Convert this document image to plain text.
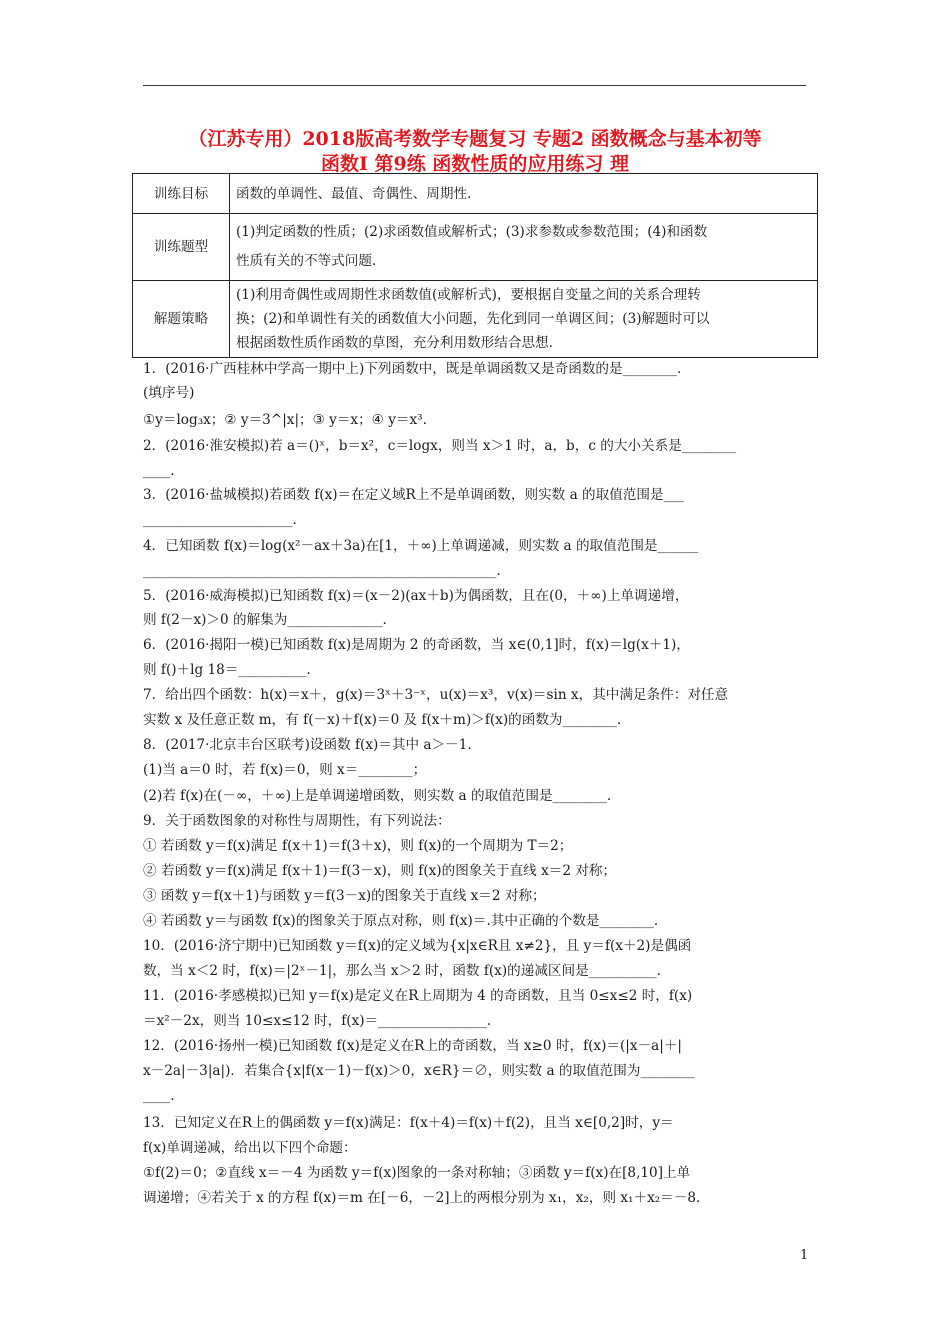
（江苏专用）2018版高考数学专题复习 专题2 函数概念与基本初等
函数Ⅰ 第9练 函数性质的应用练习 理
训练目标	函数的单调性、最值、奇偶性、周期性.

训练题型	(1)判定函数的性质；(2)求函数值或解析式；(3)求参数或参数范围；(4)和函数
性质有关的不等式问题.

解题策略	(1)利用奇偶性或周期性求函数值(或解析式)，要根据自变量之间的关系合理转
换；(2)和单调性有关的函数值大小问题，先化到同一单调区间；(3)解题时可以
根据函数性质作函数的草图，充分利用数形结合思想.
1．(2016·广西桂林中学高一期中上)下列函数中，既是单调函数又是奇函数的是________.
(填序号)
①y＝log₃x；② y＝3^|x|；③ y＝x；④ y＝x³.
2．(2016·淮安模拟)若 a＝()ˣ，b＝x²，c＝logx，则当 x＞1 时，a，b，c 的大小关系是________
____.
3．(2016·盐城模拟)若函数 f(x)＝在定义域R上不是单调函数，则实数 a 的取值范围是___
______________________.
4．已知函数 f(x)＝log(x²－ax＋3a)在[1，＋∞)上单调递减，则实数 a 的取值范围是______
____________________________________________________.
5．(2016·威海模拟)已知函数 f(x)＝(x－2)(ax＋b)为偶函数，且在(0，＋∞)上单调递增，
则 f(2－x)＞0 的解集为______________.
6．(2016·揭阳一模)已知函数 f(x)是周期为 2 的奇函数，当 x∈(0,1]时，f(x)＝lg(x＋1)，
则 f()＋lg 18＝__________.
7．给出四个函数：h(x)＝x＋，g(x)＝3ˣ＋3⁻ˣ，u(x)＝x³，v(x)＝sin x，其中满足条件：对任意
实数 x 及任意正数 m，有 f(－x)＋f(x)＝0 及 f(x＋m)＞f(x)的函数为________.
8．(2017·北京丰台区联考)设函数 f(x)＝其中 a＞－1.
(1)当 a＝0 时，若 f(x)＝0，则 x＝________；
(2)若 f(x)在(－∞，＋∞)上是单调递增函数，则实数 a 的取值范围是________.
9．关于函数图象的对称性与周期性，有下列说法：
① 若函数 y＝f(x)满足 f(x＋1)＝f(3＋x)，则 f(x)的一个周期为 T＝2；
② 若函数 y＝f(x)满足 f(x＋1)＝f(3－x)，则 f(x)的图象关于直线 x＝2 对称；
③ 函数 y＝f(x＋1)与函数 y＝f(3－x)的图象关于直线 x＝2 对称；
④ 若函数 y＝与函数 f(x)的图象关于原点对称，则 f(x)＝.其中正确的个数是________.
10．(2016·济宁期中)已知函数 y＝f(x)的定义域为{x|x∈R且 x≠2}，且 y＝f(x＋2)是偶函
数，当 x＜2 时，f(x)＝|2ˣ－1|，那么当 x＞2 时，函数 f(x)的递减区间是__________.
11．(2016·孝感模拟)已知 y＝f(x)是定义在R上周期为 4 的奇函数，且当 0≤x≤2 时，f(x)
＝x²－2x，则当 10≤x≤12 时，f(x)＝________________.
12．(2016·扬州一模)已知函数 f(x)是定义在R上的奇函数，当 x≥0 时，f(x)＝(|x－a|＋|
x－2a|－3|a|)．若集合{x|f(x－1)－f(x)＞0，x∈R}＝∅，则实数 a 的取值范围为________
____.
13．已知定义在R上的偶函数 y＝f(x)满足：f(x＋4)＝f(x)＋f(2)，且当 x∈[0,2]时，y＝
f(x)单调递减，给出以下四个命题：
①f(2)＝0；②直线 x＝－4 为函数 y＝f(x)图象的一条对称轴；③函数 y＝f(x)在[8,10]上单
调递增；④若关于 x 的方程 f(x)＝m 在[－6，－2]上的两根分别为 x₁，x₂，则 x₁＋x₂＝－8.
1
